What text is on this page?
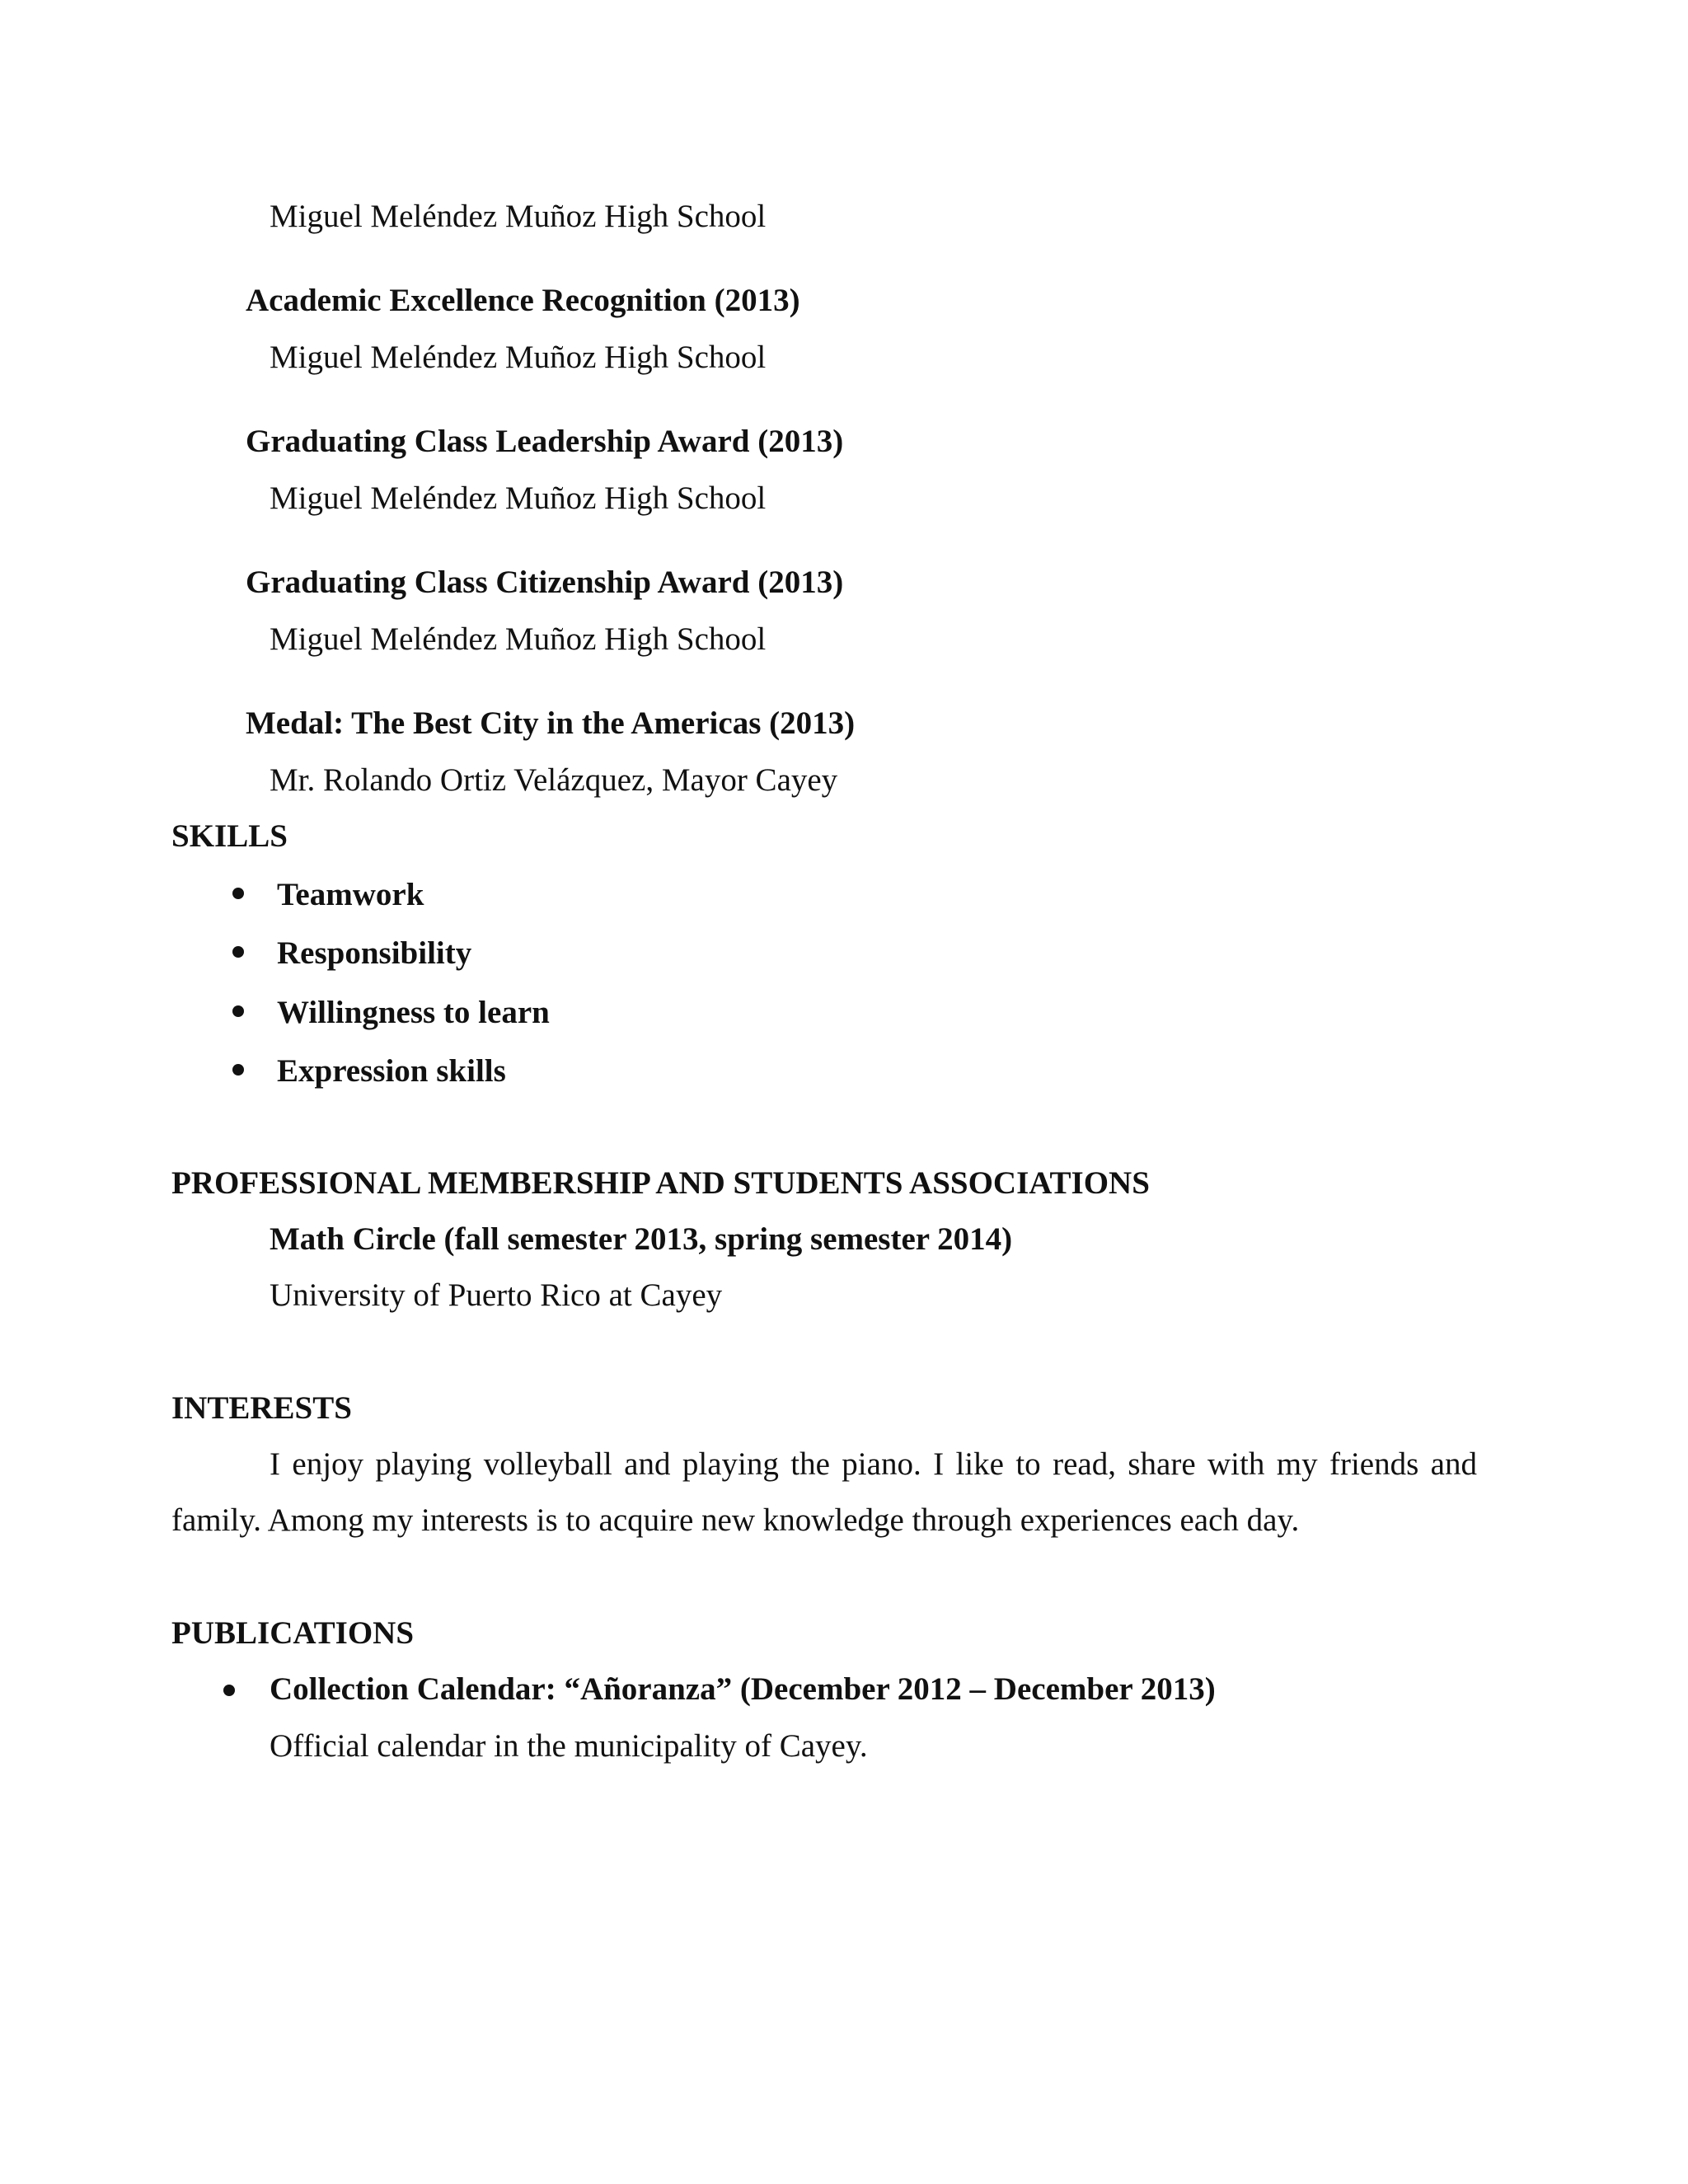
Miguel Meléndez Muñoz High School
Academic Excellence Recognition (2013)
Miguel Meléndez Muñoz High School
Graduating Class Leadership Award (2013)
Miguel Meléndez Muñoz High School
Graduating Class Citizenship Award (2013)
Miguel Meléndez Muñoz High School
Medal: The Best City in the Americas (2013)
Mr. Rolando Ortiz Velázquez, Mayor Cayey
SKILLS
Teamwork
Responsibility
Willingness to learn
Expression skills
PROFESSIONAL MEMBERSHIP AND STUDENTS ASSOCIATIONS
Math Circle (fall semester 2013, spring semester 2014)
University of Puerto Rico at Cayey
INTERESTS
I enjoy playing volleyball and playing the piano. I like to read, share with my friends and
family. Among my interests is to acquire new knowledge through experiences each day.
PUBLICATIONS
Collection Calendar: “Añoranza” (December 2012 – December 2013)
Official calendar in the municipality of Cayey.
